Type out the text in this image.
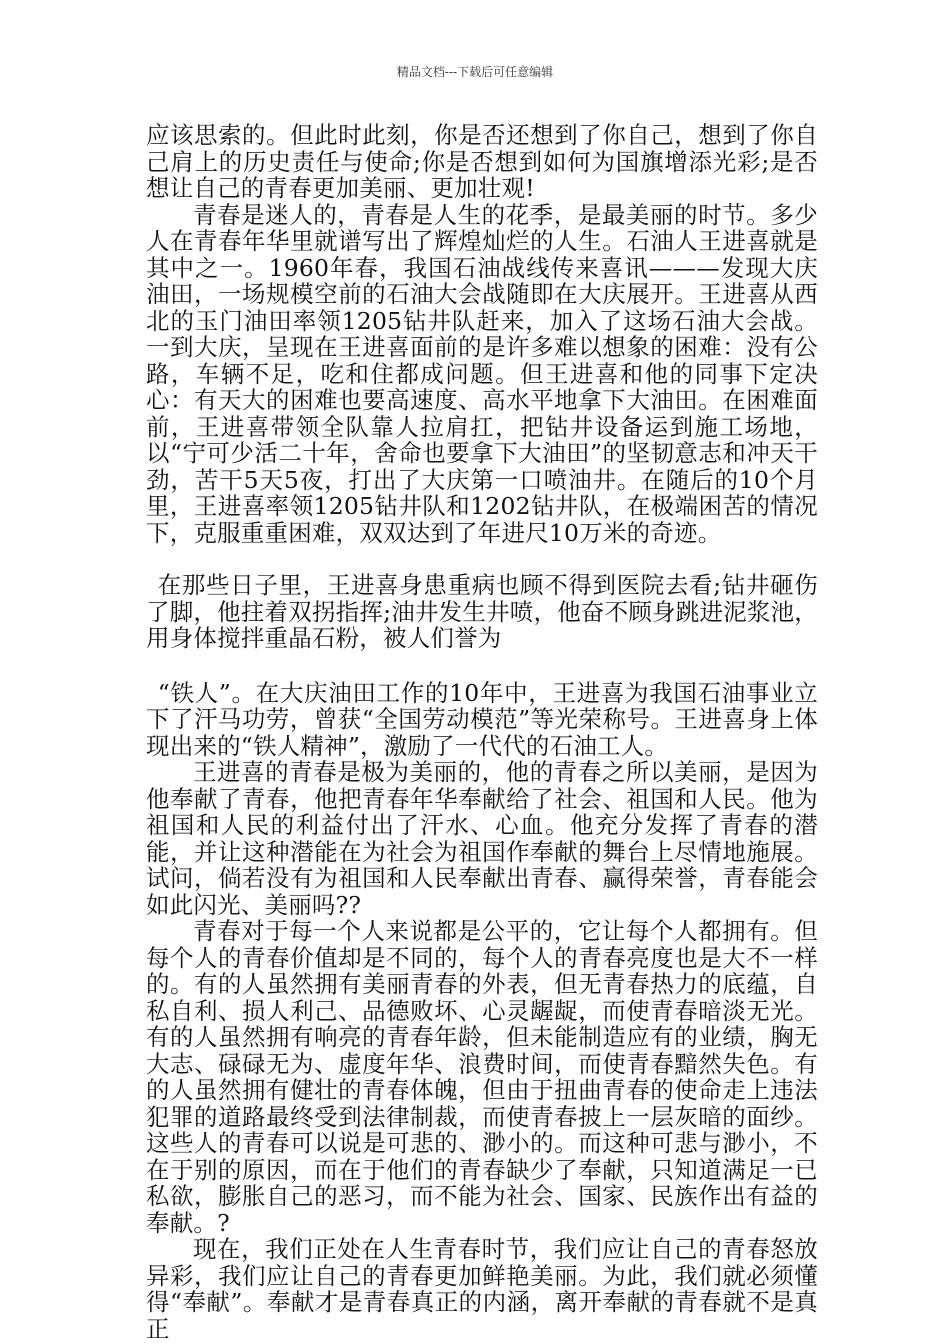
精品文档---下载后可任意编辑

应该思索的。但此时此刻，你是否还想到了你自己，想到了你自己肩上的历史责任与使命;你是否想到如何为国旗增添光彩;是否想让自己的青春更加美丽、更加壮观!

青春是迷人的，青春是人生的花季，是最美丽的时节。多少人在青春年华里就谱写出了辉煌灿烂的人生。石油人王进喜就是其中之一。1960年春，我国石油战线传来喜讯———发现大庆油田，一场规模空前的石油大会战随即在大庆展开。王进喜从西北的玉门油田率领1205钻井队赶来，加入了这场石油大会战。一到大庆，呈现在王进喜面前的是许多难以想象的困难：没有公路，车辆不足，吃和住都成问题。但王进喜和他的同事下定决心：有天大的困难也要高速度、高水平地拿下大油田。在困难面前，王进喜带领全队靠人拉肩扛，把钻井设备运到施工场地，以“宁可少活二十年，舍命也要拿下大油田”的坚韧意志和冲天干劲，苦干5天5夜，打出了大庆第一口喷油井。在随后的10个月里，王进喜率领1205钻井队和1202钻井队，在极端困苦的情况下，克服重重困难，双双达到了年进尺10万米的奇迹。

在那些日子里，王进喜身患重病也顾不得到医院去看;钻井砸伤了脚，他拄着双拐指挥;油井发生井喷，他奋不顾身跳进泥浆池，用身体搅拌重晶石粉，被人们誉为

“铁人”。在大庆油田工作的10年中，王进喜为我国石油事业立下了汗马功劳，曾获“全国劳动模范”等光荣称号。王进喜身上体现出来的“铁人精神”，激励了一代代的石油工人。

王进喜的青春是极为美丽的，他的青春之所以美丽，是因为他奉献了青春，他把青春年华奉献给了社会、祖国和人民。他为祖国和人民的利益付出了汗水、心血。他充分发挥了青春的潜能，并让这种潜能在为社会为祖国作奉献的舞台上尽情地施展。试问，倘若没有为祖国和人民奉献出青春、赢得荣誉，青春能会如此闪光、美丽吗??

青春对于每一个人来说都是公平的，它让每个人都拥有。但每个人的青春价值却是不同的，每个人的青春亮度也是大不一样的。有的人虽然拥有美丽青春的外表，但无青春热力的底蕴，自私自利、损人利己、品德败坏、心灵龌龊，而使青春暗淡无光。有的人虽然拥有响亮的青春年龄，但未能制造应有的业绩，胸无大志、碌碌无为、虚度年华、浪费时间，而使青春黯然失色。有的人虽然拥有健壮的青春体魄，但由于扭曲青春的使命走上违法犯罪的道路最终受到法律制裁，而使青春披上一层灰暗的面纱。这些人的青春可以说是可悲的、渺小的。而这种可悲与渺小，不在于别的原因，而在于他们的青春缺少了奉献，只知道满足一已私欲，膨胀自己的恶习，而不能为社会、国家、民族作出有益的奉献。?

现在，我们正处在人生青春时节，我们应让自己的青春怒放异彩，我们应让自己的青春更加鲜艳美丽。为此，我们就必须懂得“奉献”。奉献才是青春真正的内涵，离开奉献的青春就不是真正
